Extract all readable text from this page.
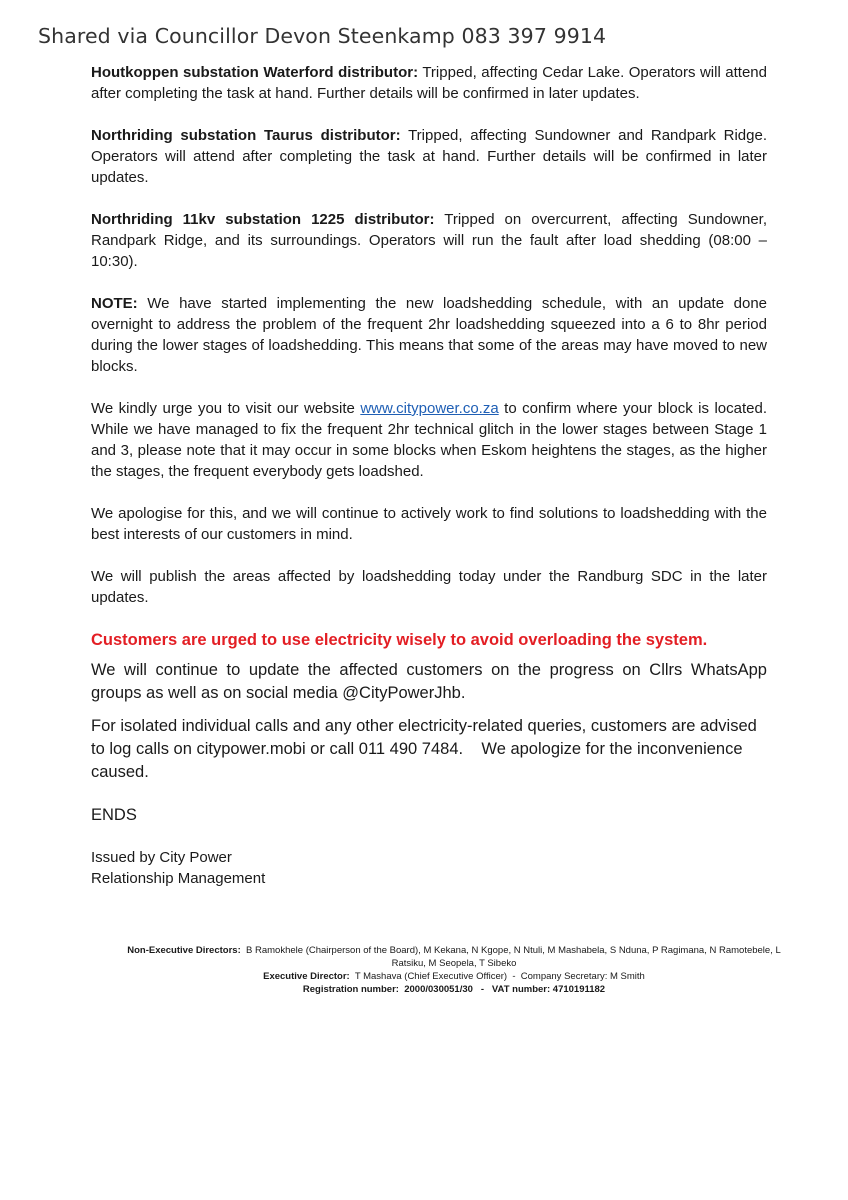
Shared via Councillor Devon Steenkamp 083 397 9914

Houtkoppen substation Waterford distributor: Tripped, affecting Cedar Lake. Operators will attend after completing the task at hand. Further details will be confirmed in later updates.

Northriding substation Taurus distributor: Tripped, affecting Sundowner and Randpark Ridge. Operators will attend after completing the task at hand. Further details will be confirmed in later updates.

Northriding 11kv substation 1225 distributor: Tripped on overcurrent, affecting Sundowner, Randpark Ridge, and its surroundings. Operators will run the fault after load shedding (08:00 – 10:30).

NOTE: We have started implementing the new loadshedding schedule, with an update done overnight to address the problem of the frequent 2hr loadshedding squeezed into a 6 to 8hr period during the lower stages of loadshedding. This means that some of the areas may have moved to new blocks.

We kindly urge you to visit our website www.citypower.co.za to confirm where your block is located. While we have managed to fix the frequent 2hr technical glitch in the lower stages between Stage 1 and 3, please note that it may occur in some blocks when Eskom heightens the stages, as the higher the stages, the frequent everybody gets loadshed.

We apologise for this, and we will continue to actively work to find solutions to loadshedding with the best interests of our customers in mind.

We will publish the areas affected by loadshedding today under the Randburg SDC in the later updates.

Customers are urged to use electricity wisely to avoid overloading the system.

We will continue to update the affected customers on the progress on Cllrs WhatsApp groups as well as on social media @CityPowerJhb.

For isolated individual calls and any other electricity-related queries, customers are advised to log calls on citypower.mobi or call 011 490 7484.    We apologize for the inconvenience caused.

ENDS

Issued by City Power
Relationship Management
Non-Executive Directors:  B Ramokhele (Chairperson of the Board), M Kekana, N Kgope, N Ntuli, M Mashabela, S Nduna, P Ragimana, N Ramotebele, L Ratsiku, M Seopela, T Sibeko
Executive Director:  T Mashava (Chief Executive Officer)  -  Company Secretary: M Smith
Registration number:  2000/030051/30   -   VAT number: 4710191182
